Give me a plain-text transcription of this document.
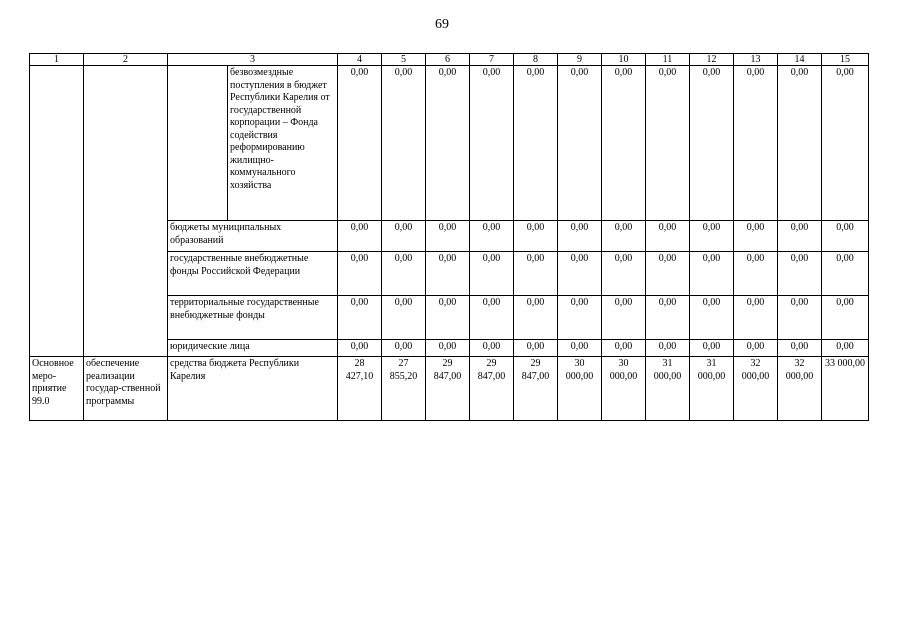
69
1	2	3		4	5	6	7	8	9	10	11	12	13	14	15
			безвозмездные поступления в бюджет Республики Карелия от государственной корпорации – Фонда содействия реформированию жилищно-коммунального хозяйства	0,00	0,00	0,00	0,00	0,00	0,00	0,00	0,00	0,00	0,00	0,00	0,00
		бюджеты муниципальных образований		0,00	0,00	0,00	0,00	0,00	0,00	0,00	0,00	0,00	0,00	0,00	0,00
		государственные внебюджетные фонды Российской Федерации		0,00	0,00	0,00	0,00	0,00	0,00	0,00	0,00	0,00	0,00	0,00	0,00
		территориальные государственные внебюджетные фонды		0,00	0,00	0,00	0,00	0,00	0,00	0,00	0,00	0,00	0,00	0,00	0,00
		юридические лица		0,00	0,00	0,00	0,00	0,00	0,00	0,00	0,00	0,00	0,00	0,00	0,00
Основное меро-приятие 99.0	обеспечение реализации государ-ственной программы	средства бюджета Республики Карелия		28 427,10	27 855,20	29 847,00	29 847,00	29 847,00	30 000,00	30 000,00	31 000,00	31 000,00	32 000,00	32 000,00	33 000,00
